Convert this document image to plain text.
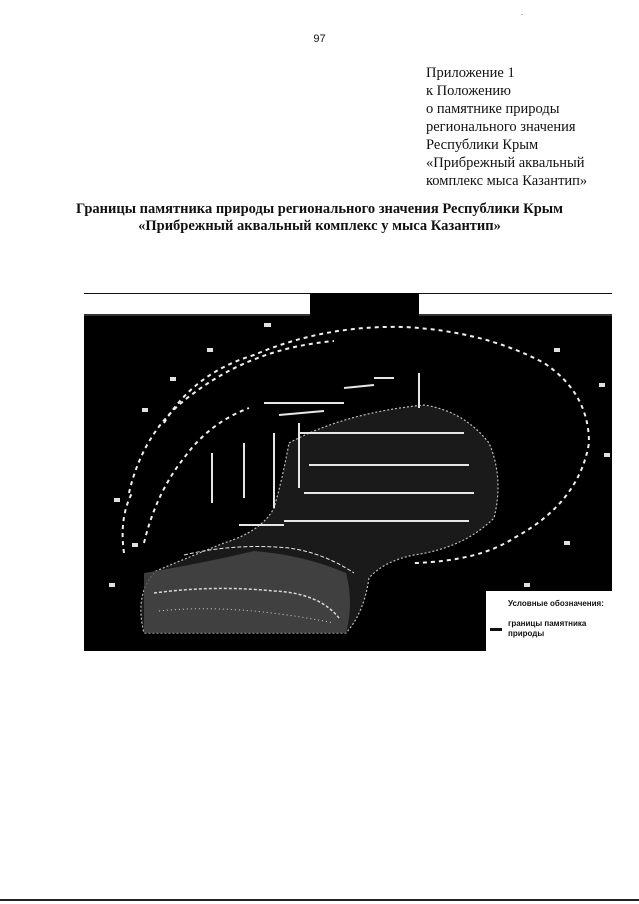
.
97
Приложение 1
к Положению
о памятнике природы
регионального значения
Республики Крым
«Прибрежный аквальный
комплекс мыса Казантип»
Границы памятника природы регионального значения Республики Крым
«Прибрежный аквальный комплекс у мыса Казантип»
Условные обозначения:
границы памятника природы
